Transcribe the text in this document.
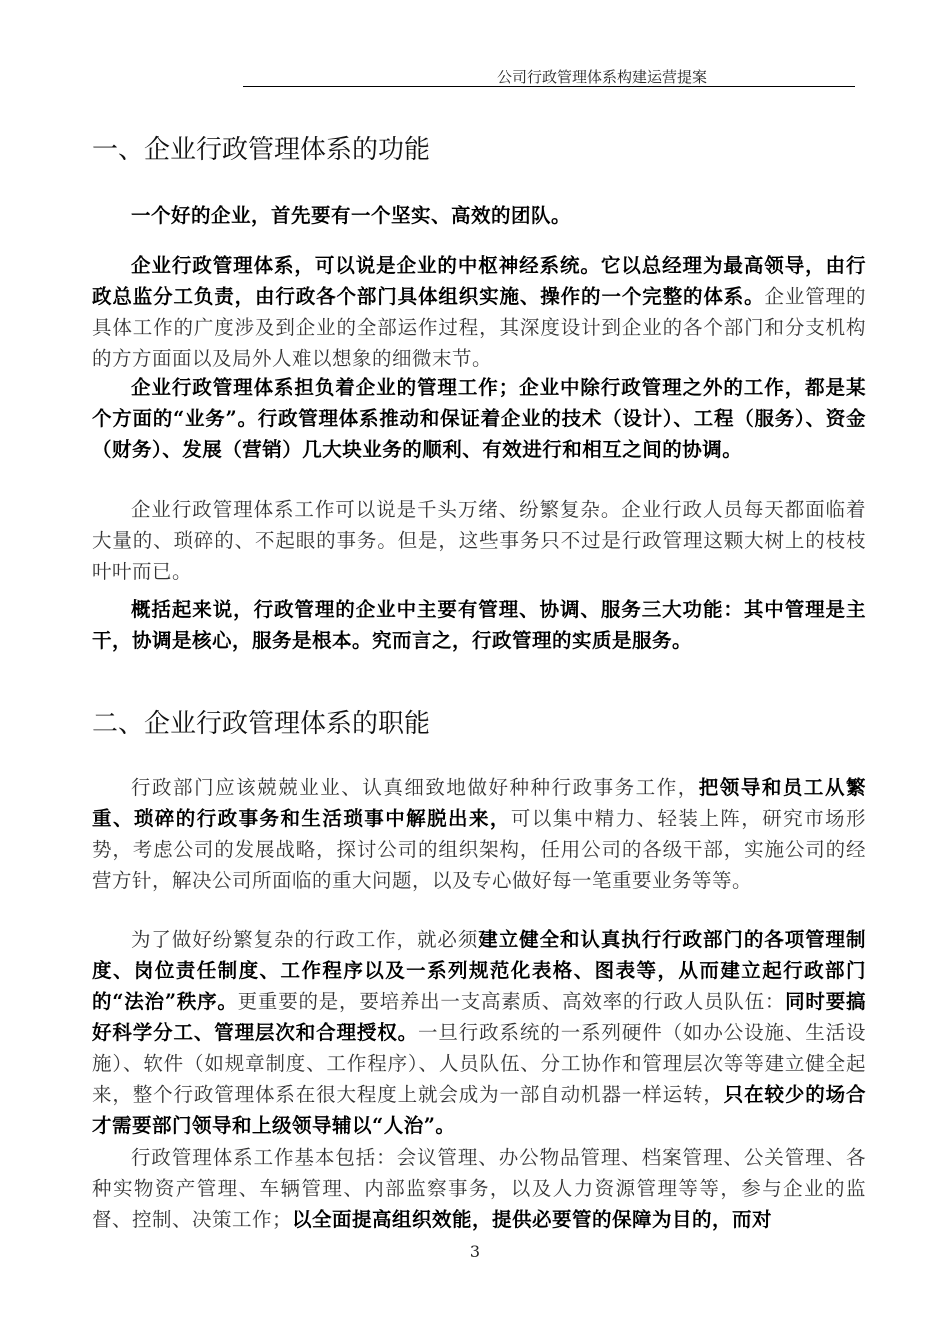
公司行政管理体系构建运营提案
一、企业行政管理体系的功能

一个好的企业，首先要有一个坚实、高效的团队。

企业行政管理体系，可以说是企业的中枢神经系统。它以总经理为最高领导，由行政总监分工负责，由行政各个部门具体组织实施、操作的一个完整的体系。企业管理的具体工作的广度涉及到企业的全部运作过程，其深度设计到企业的各个部门和分支机构的方方面面以及局外人难以想象的细微末节。

企业行政管理体系担负着企业的管理工作；企业中除行政管理之外的工作，都是某个方面的“业务”。行政管理体系推动和保证着企业的技术（设计）、工程（服务）、资金（财务）、发展（营销）几大块业务的顺利、有效进行和相互之间的协调。

企业行政管理体系工作可以说是千头万绪、纷繁复杂。企业行政人员每天都面临着大量的、琐碎的、不起眼的事务。但是，这些事务只不过是行政管理这颗大树上的枝枝叶叶而已。

概括起来说，行政管理的企业中主要有管理、协调、服务三大功能：其中管理是主干，协调是核心，服务是根本。究而言之，行政管理的实质是服务。

二、企业行政管理体系的职能

行政部门应该兢兢业业、认真细致地做好种种行政事务工作，把领导和员工从繁重、琐碎的行政事务和生活琐事中解脱出来，可以集中精力、轻装上阵，研究市场形势，考虑公司的发展战略，探讨公司的组织架构，任用公司的各级干部，实施公司的经营方针，解决公司所面临的重大问题，以及专心做好每一笔重要业务等等。

为了做好纷繁复杂的行政工作，就必须建立健全和认真执行行政部门的各项管理制度、岗位责任制度、工作程序以及一系列规范化表格、图表等，从而建立起行政部门的“法治”秩序。更重要的是，要培养出一支高素质、高效率的行政人员队伍：同时要搞好科学分工、管理层次和合理授权。一旦行政系统的一系列硬件（如办公设施、生活设施）、软件（如规章制度、工作程序）、人员队伍、分工协作和管理层次等等建立健全起来，整个行政管理体系在很大程度上就会成为一部自动机器一样运转，只在较少的场合才需要部门领导和上级领导辅以“人治”。

行政管理体系工作基本包括：会议管理、办公物品管理、档案管理、公关管理、各种实物资产管理、车辆管理、内部监察事务，以及人力资源管理等等，参与企业的监督、控制、决策工作；以全面提高组织效能，提供必要管的保障为目的，而对

3
